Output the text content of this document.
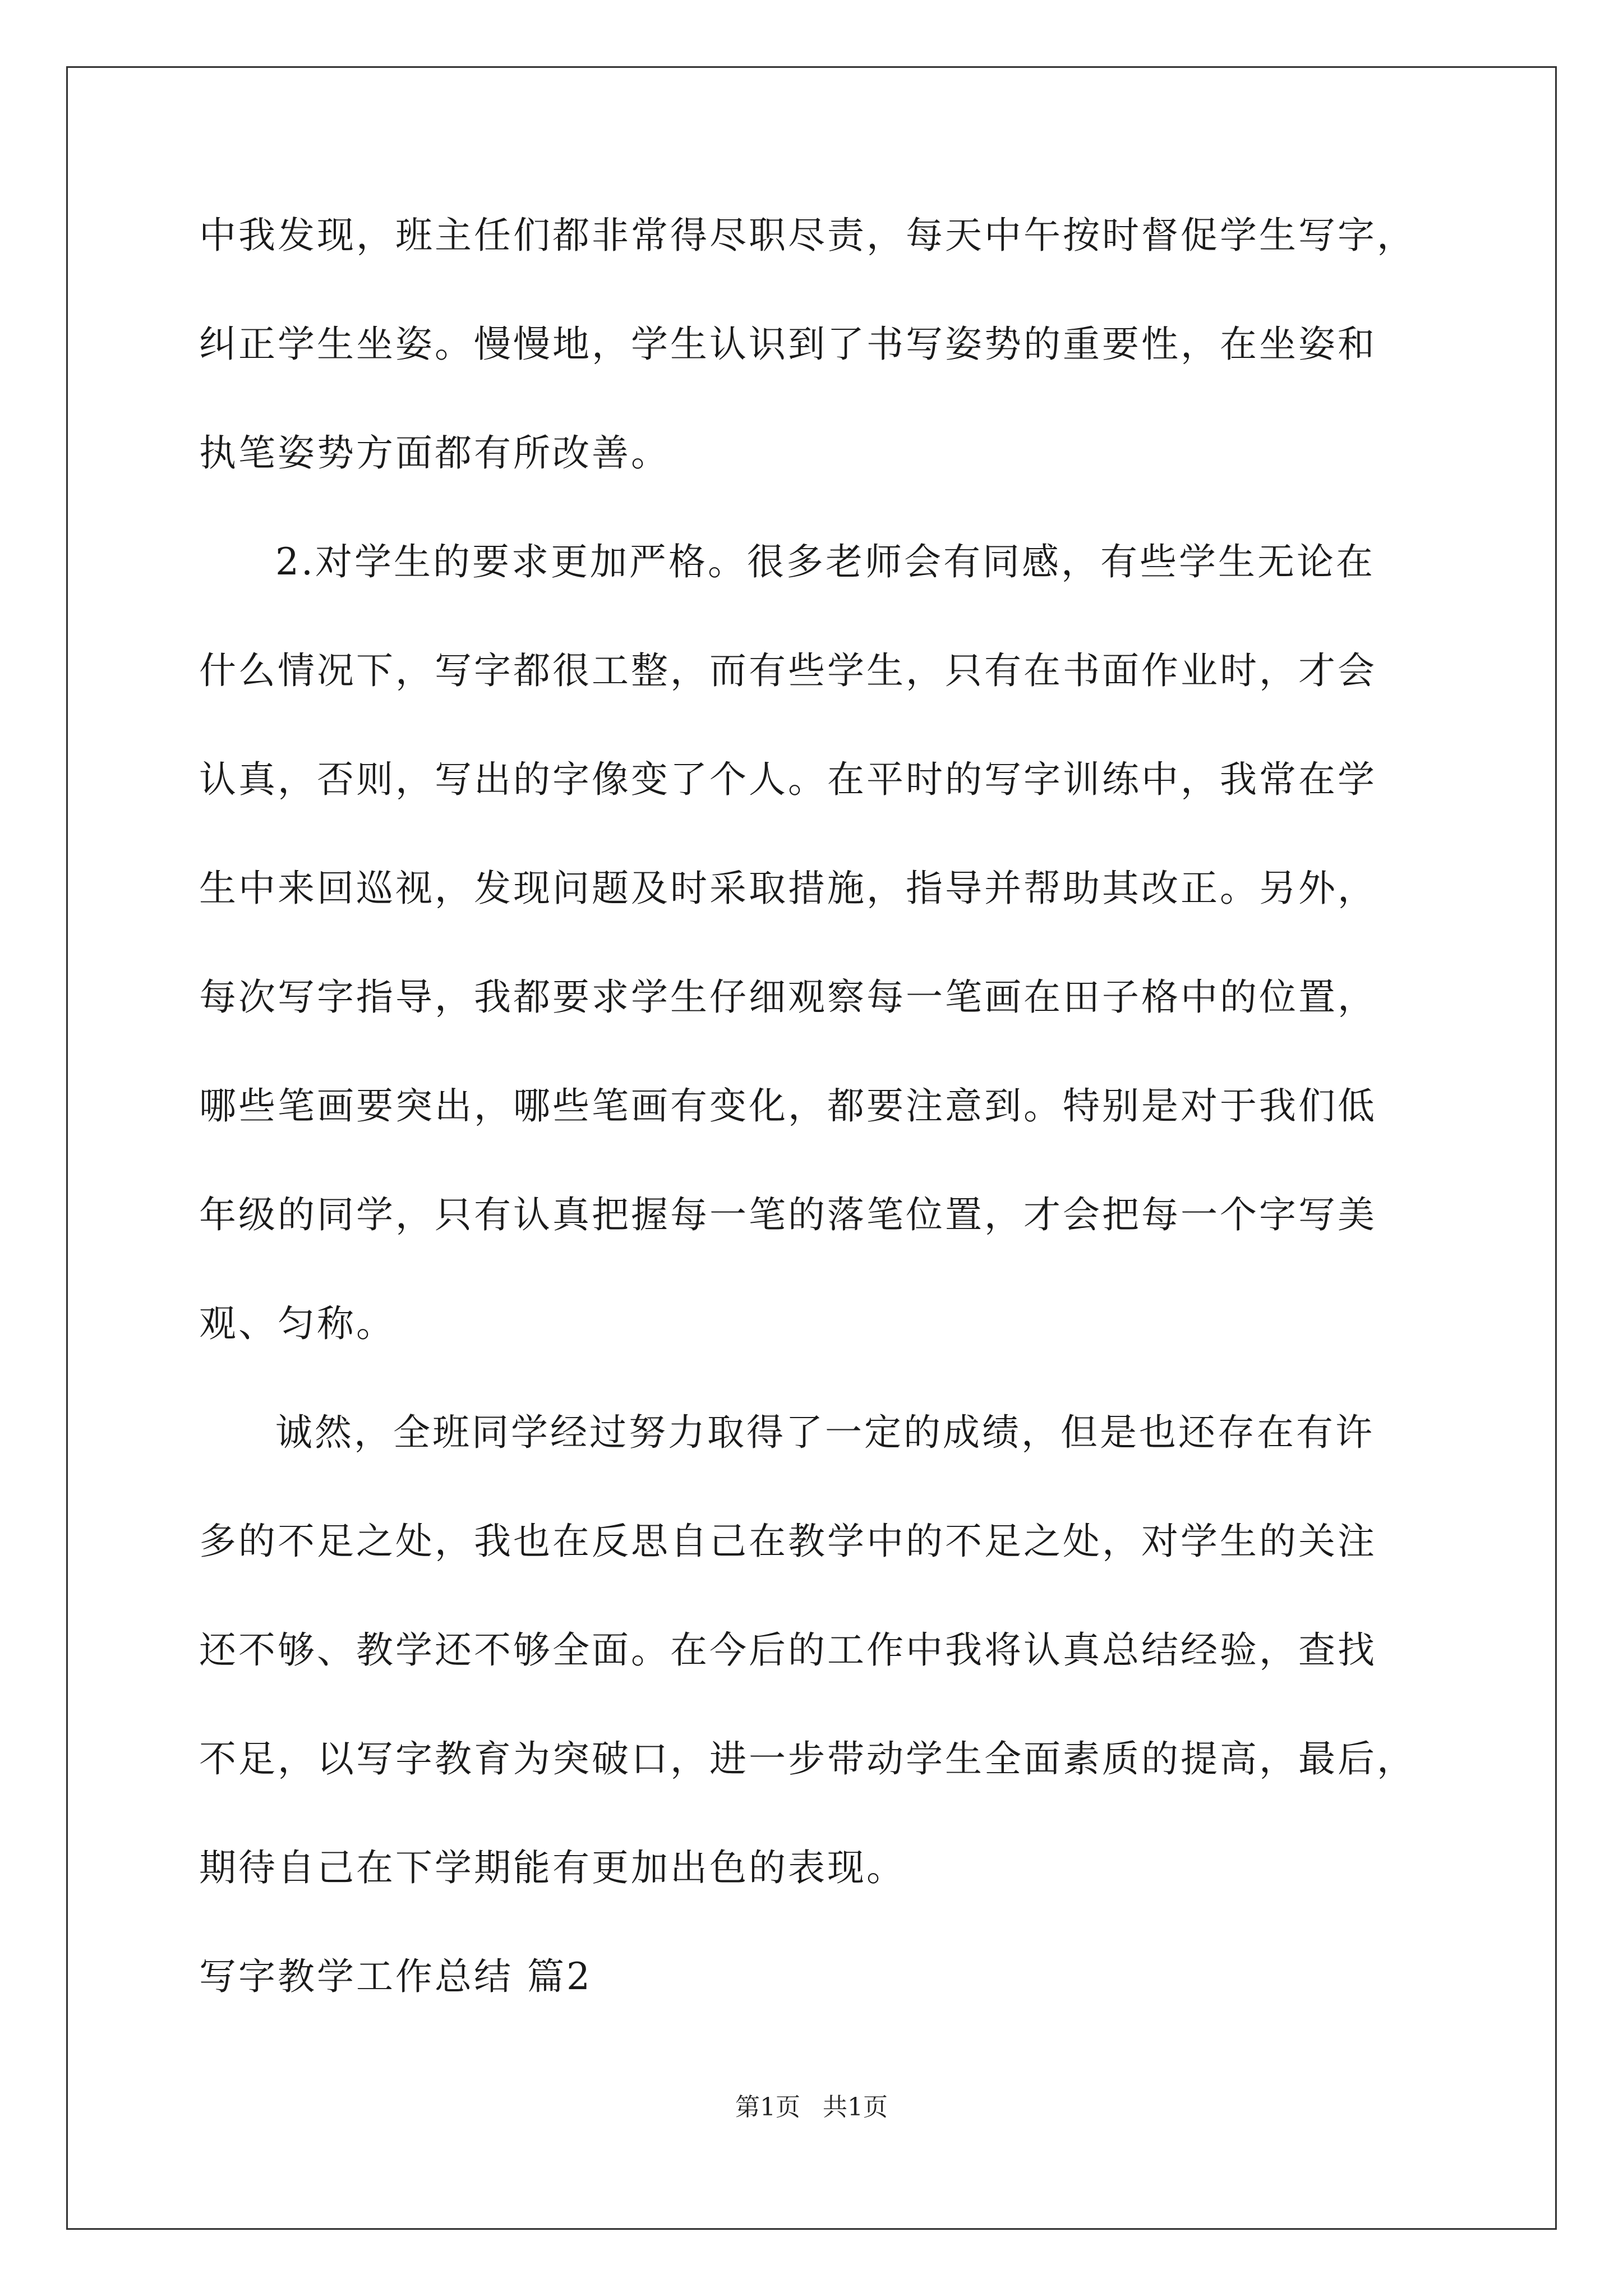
中我发现，班主任们都非常得尽职尽责，每天中午按时督促学生写字，
纠正学生坐姿。慢慢地，学生认识到了书写姿势的重要性，在坐姿和
执笔姿势方面都有所改善。
2.对学生的要求更加严格。很多老师会有同感，有些学生无论在
什么情况下，写字都很工整，而有些学生，只有在书面作业时，才会
认真，否则，写出的字像变了个人。在平时的写字训练中，我常在学
生中来回巡视，发现问题及时采取措施，指导并帮助其改正。另外，
每次写字指导，我都要求学生仔细观察每一笔画在田子格中的位置，
哪些笔画要突出，哪些笔画有变化，都要注意到。特别是对于我们低
年级的同学，只有认真把握每一笔的落笔位置，才会把每一个字写美
观、匀称。
诚然，全班同学经过努力取得了一定的成绩，但是也还存在有许
多的不足之处，我也在反思自己在教学中的不足之处，对学生的关注
还不够、教学还不够全面。在今后的工作中我将认真总结经验，查找
不足，以写字教育为突破口，进一步带动学生全面素质的提高，最后，
期待自己在下学期能有更加出色的表现。
写字教学工作总结 篇2
第1页 共1页
